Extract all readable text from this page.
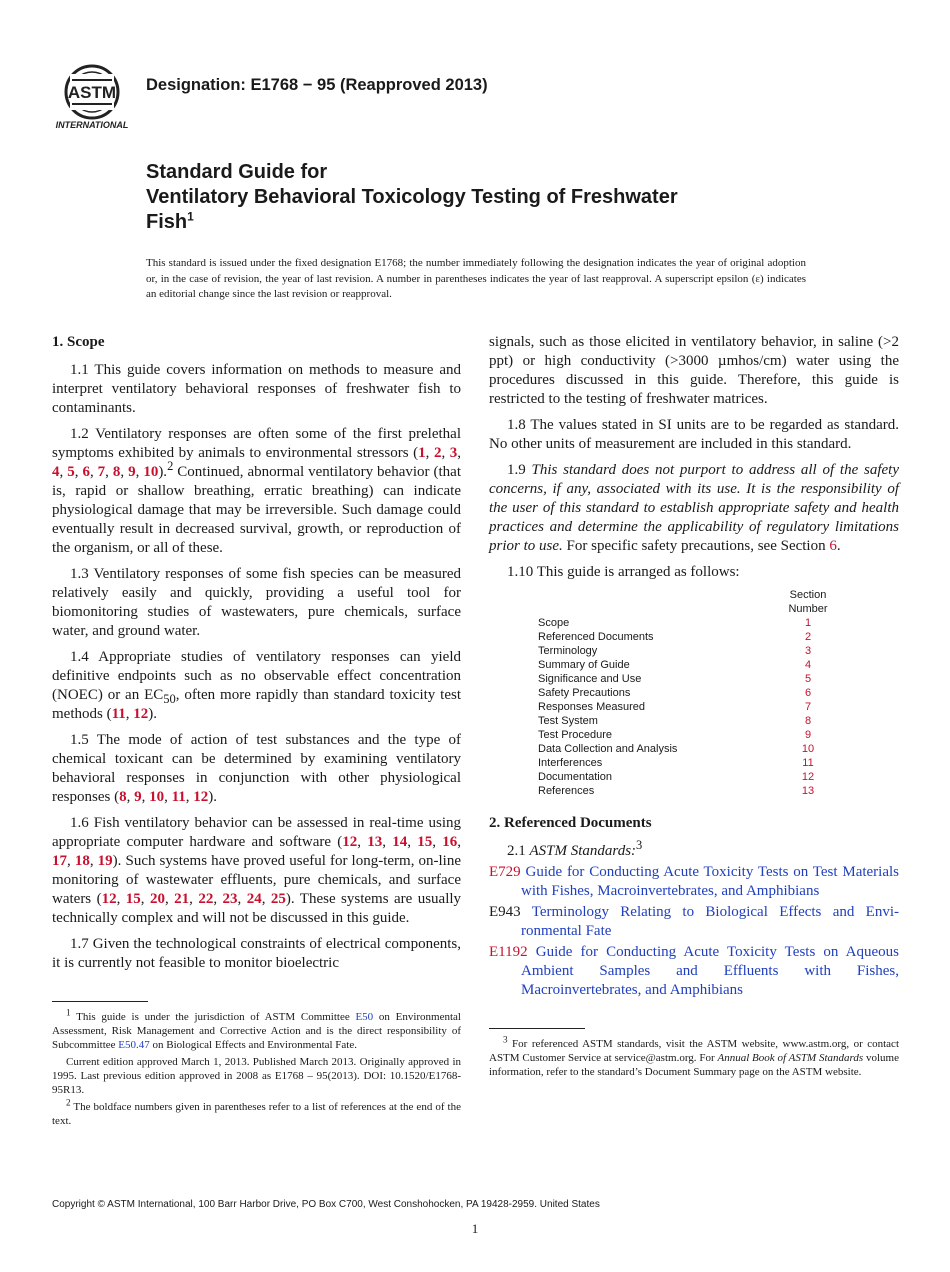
ASTM
INTERNATIONAL
Designation: E1768 − 95 (Reapproved 2013)
Standard Guide for
Ventilatory Behavioral Toxicology Testing of Freshwater
Fish$^1$
This standard is issued under the fixed designation E1768; the number immediately following the designation indicates the year of original adoption or, in the case of revision, the year of last revision. A number in parentheses indicates the year of last reapproval. A superscript epsilon (ε) indicates an editorial change since the last revision or reapproval.
1. Scope

1.1 This guide covers information on methods to measure and interpret ventilatory behavioral responses of freshwater fish to contaminants.

1.2 Ventilatory responses are often some of the first prelethal symptoms exhibited by animals to environmental stressors (1, 2, 3, 4, 5, 6, 7, 8, 9, 10).$^2$ Continued, abnormal ventilatory behavior (that is, rapid or shallow breathing, erratic breathing) can indicate physiological damage that may be irreversible. Such damage could eventually result in decreased survival, growth, or reproduction of the organism, or all of these.

1.3 Ventilatory responses of some fish species can be measured relatively easily and quickly, providing a useful tool for biomonitoring studies of wastewaters, pure chemicals, surface water, and ground water.

1.4 Appropriate studies of ventilatory responses can yield definitive endpoints such as no observable effect concentration (NOEC) or an $EC_{50}$, often more rapidly than standard toxicity test methods (11, 12).

1.5 The mode of action of test substances and the type of chemical toxicant can be determined by examining ventilatory behavioral responses in conjunction with other physiological responses (8, 9, 10, 11, 12).

1.6 Fish ventilatory behavior can be assessed in real-time using appropriate computer hardware and software (12, 13, 14, 15, 16, 17, 18, 19). Such systems have proved useful for long-term, on-line monitoring of wastewater effluents, pure chemicals, and surface waters (12, 15, 20, 21, 22, 23, 24, 25). These systems are usually technically complex and will not be discussed in this guide.

1.7 Given the technological constraints of electrical components, it is currently not feasible to monitor bioelectric

$^1$ This guide is under the jurisdiction of ASTM Committee E50 on Environmental Assessment, Risk Management and Corrective Action and is the direct responsibility of Subcommittee E50.47 on Biological Effects and Environmental Fate.

Current edition approved March 1, 2013. Published March 2013. Originally approved in 1995. Last previous edition approved in 2008 as E1768 – 95(2013). DOI: 10.1520/E1768-95R13.

$^2$ The boldface numbers given in parentheses refer to a list of references at the end of the text.

signals, such as those elicited in ventilatory behavior, in saline (>2 ppt) or high conductivity (>3000 µmhos/cm) water using the procedures discussed in this guide. Therefore, this guide is restricted to the testing of freshwater matrices.

1.8 The values stated in SI units are to be regarded as standard. No other units of measurement are included in this standard.

1.9 This standard does not purport to address all of the safety concerns, if any, associated with its use. It is the responsibility of the user of this standard to establish appropriate safety and health practices and determine the applicability of regulatory limitations prior to use. For specific safety precautions, see Section 6.

1.10 This guide is arranged as follows:

Section
Number
Scope	1
Referenced Documents	2
Terminology	3
Summary of Guide	4
Significance and Use	5
Safety Precautions	6
Responses Measured	7
Test System	8
Test Procedure	9
Data Collection and Analysis	10
Interferences	11
Documentation	12
References	13
2. Referenced Documents

2.1 ASTM Standards:$^3$

E729 Guide for Conducting Acute Toxicity Tests on Test Materials with Fishes, Macroinvertebrates, and Amphibians

E943 Terminology Relating to Biological Effects and Environmental Fate

E1192 Guide for Conducting Acute Toxicity Tests on Aqueous Ambient Samples and Effluents with Fishes, Macroinvertebrates, and Amphibians

$^3$ For referenced ASTM standards, visit the ASTM website, www.astm.org, or contact ASTM Customer Service at service@astm.org. For Annual Book of ASTM Standards volume information, refer to the standard’s Document Summary page on the ASTM website.

Copyright © ASTM International, 100 Barr Harbor Drive, PO Box C700, West Conshohocken, PA 19428-2959. United States
1
